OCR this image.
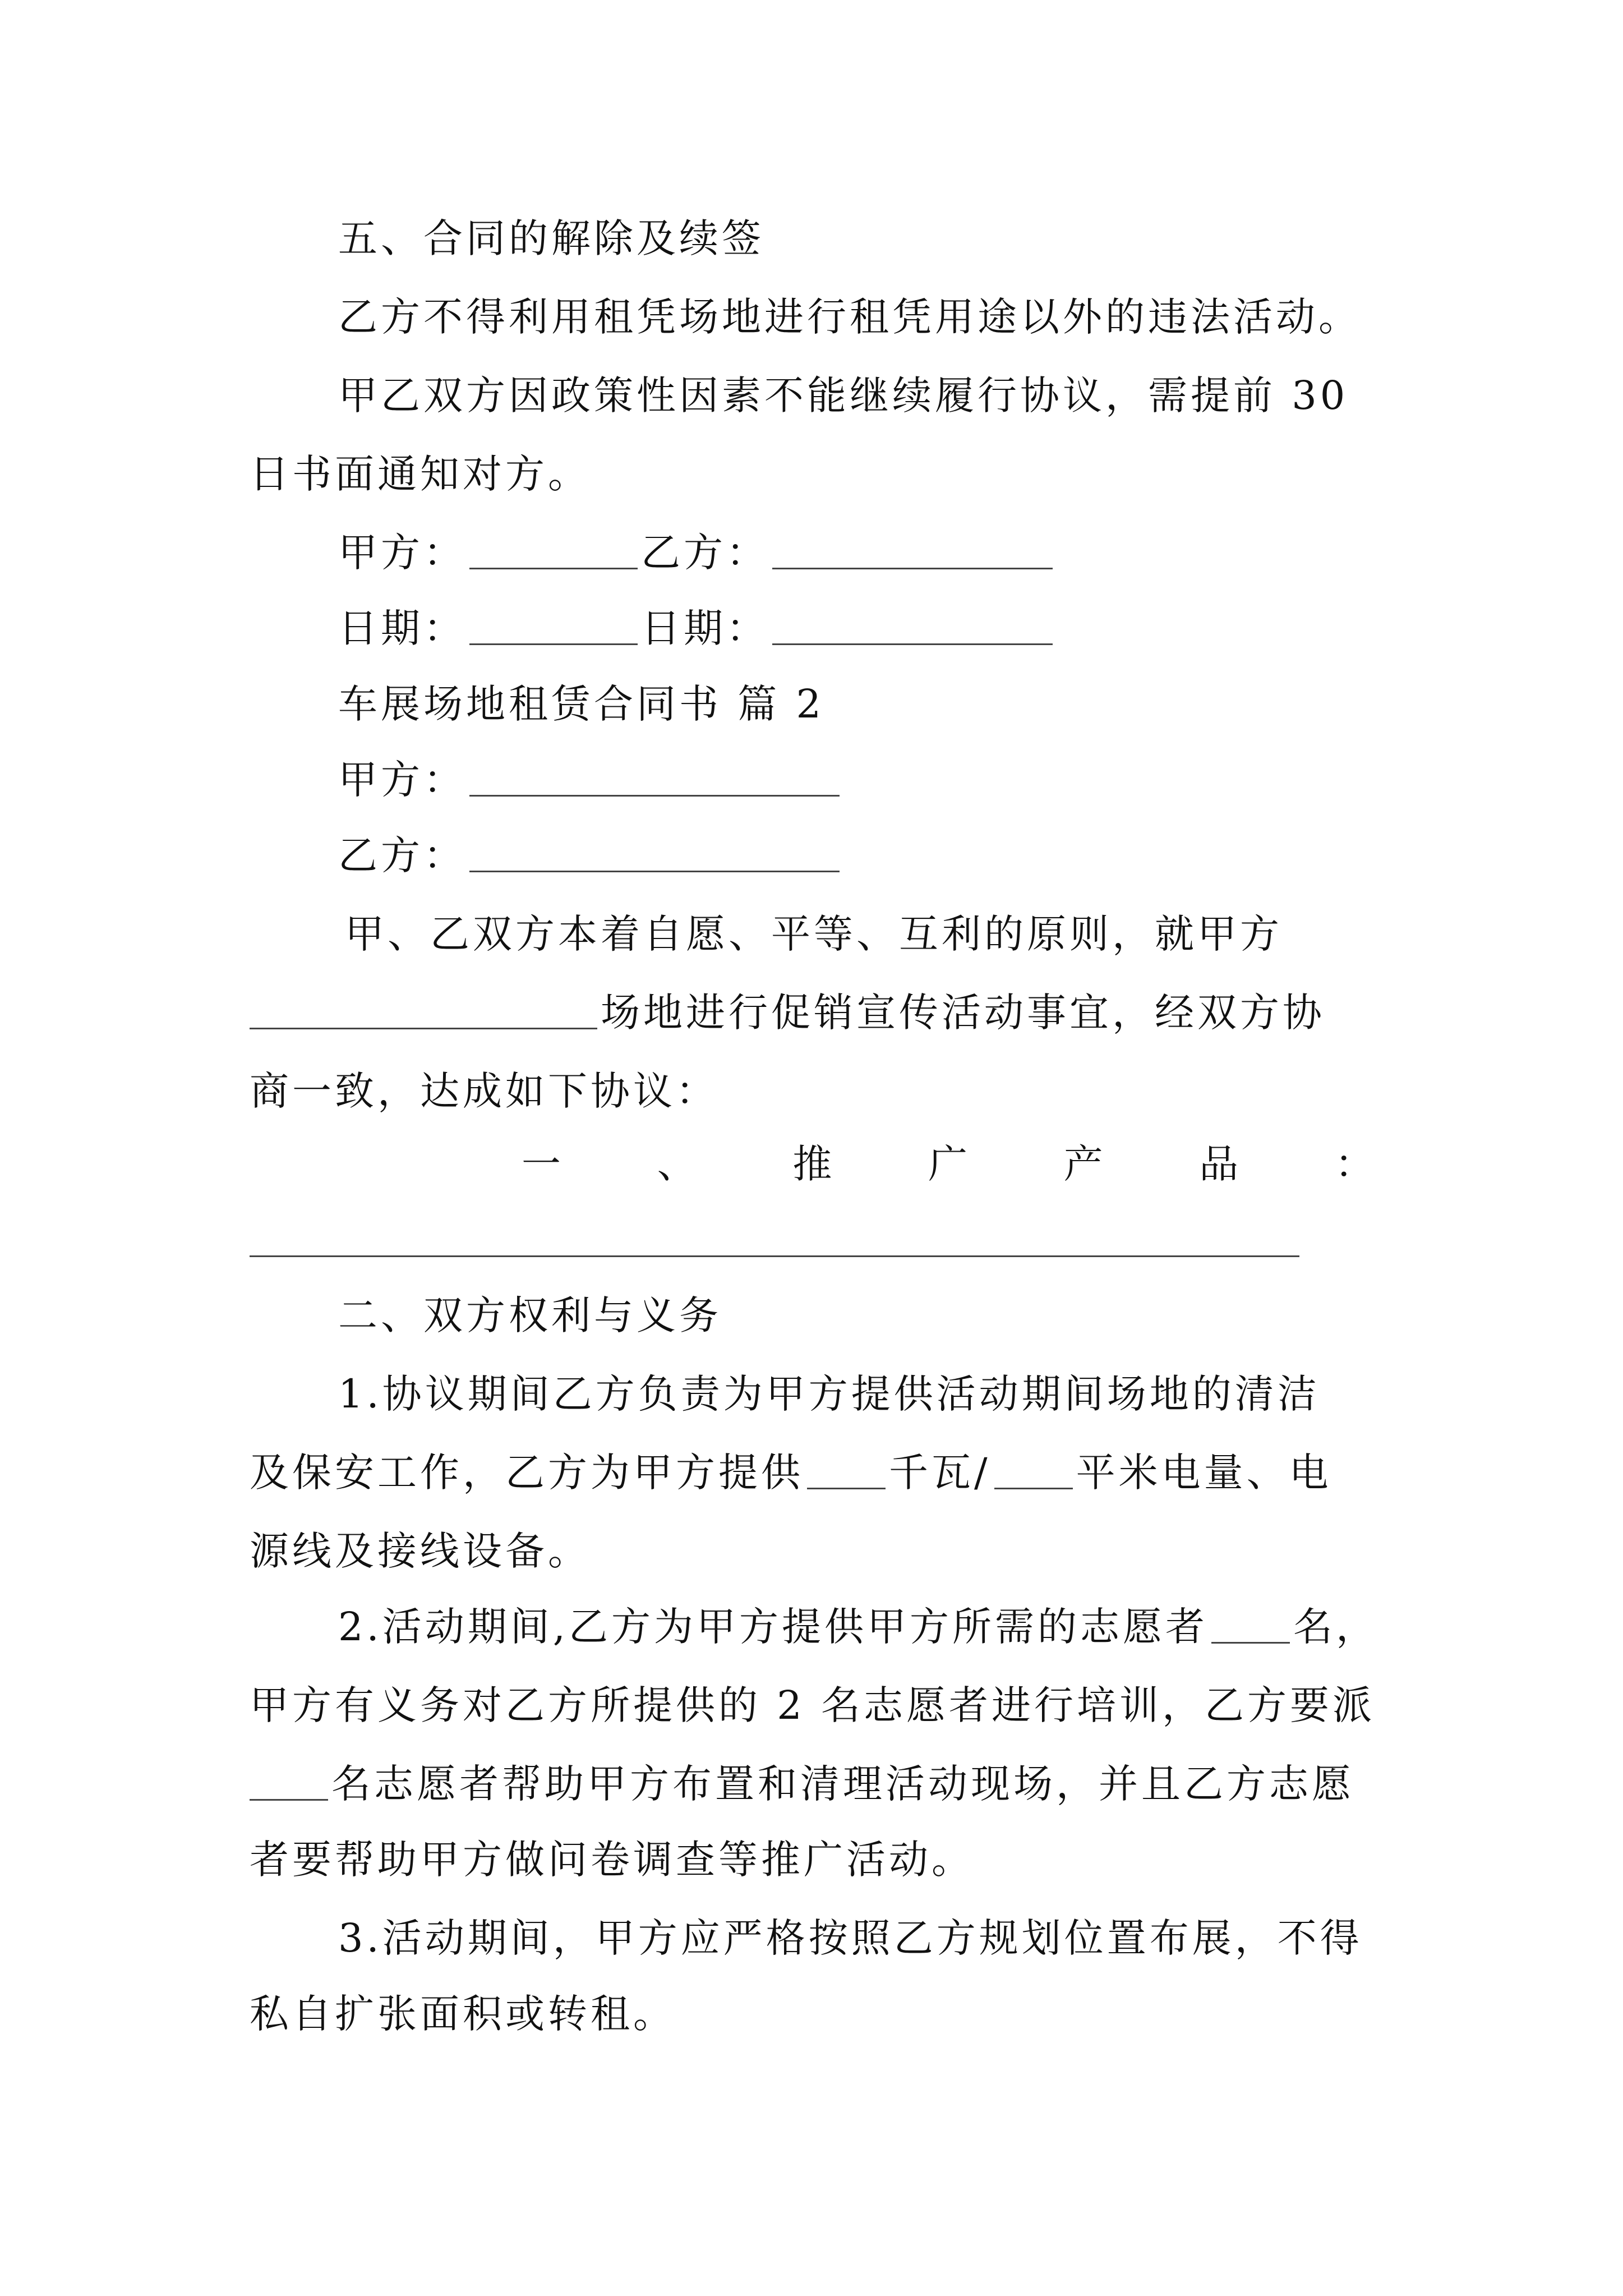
五、合同的解除及续签
乙方不得利用租凭场地进行租凭用途以外的违法活动。
甲乙双方因政策性因素不能继续履行协议，需提前 30
日书面通知对方。
甲方：	乙方：
日期：	日期：
车展场地租赁合同书 篇 2
甲方：
乙方：
甲、乙双方本着自愿、平等、互利的原则，就甲方
场地进行促销宣传活动事宜，经双方协
商一致，达成如下协议：
一 、 推 广 产 品 ：
二、双方权利与义务
1.协议期间乙方负责为甲方提供活动期间场地的清洁
及保安工作，乙方为甲方提供 千瓦/ 平米电量、电
源线及接线设备。
2.活动期间,乙方为甲方提供甲方所需的志愿者 名，
甲方有义务对乙方所提供的 2 名志愿者进行培训，乙方要派
名志愿者帮助甲方布置和清理活动现场，并且乙方志愿
者要帮助甲方做问卷调查等推广活动。
3.活动期间，甲方应严格按照乙方规划位置布展，不得
私自扩张面积或转租。
